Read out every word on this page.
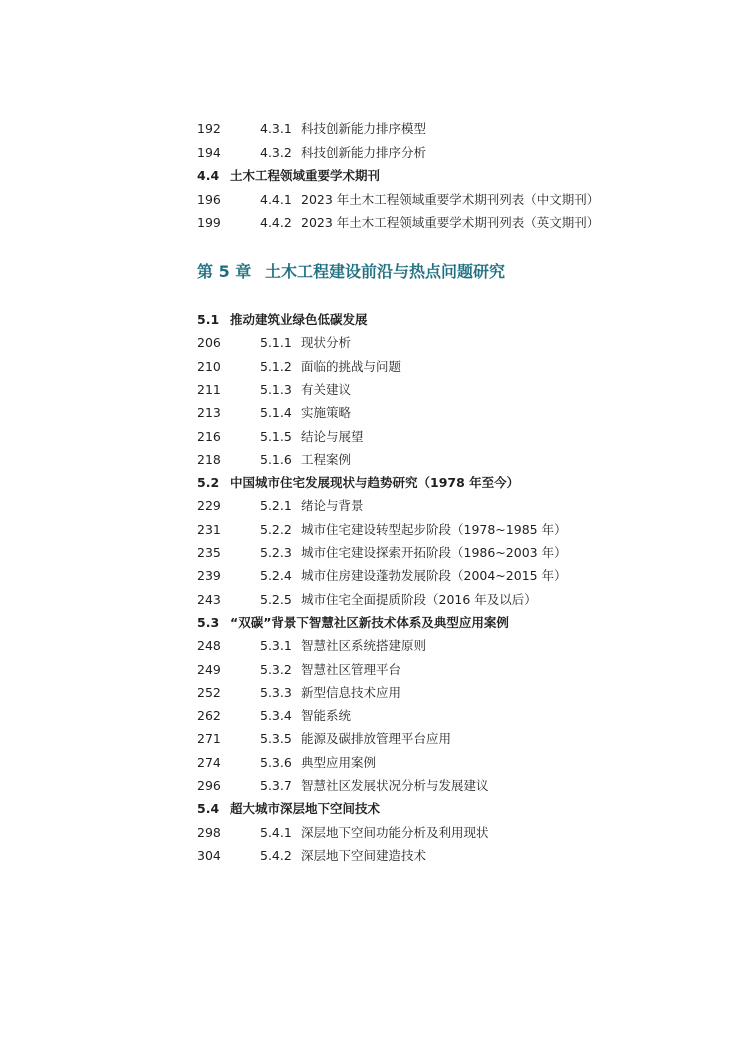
192	4.3.1 科技创新能力排序模型
194	4.3.2 科技创新能力排序分析
4.4 土木工程领域重要学术期刊
196	4.4.1 2023 年土木工程领域重要学术期刊列表（中文期刊）
199	4.4.2 2023 年土木工程领域重要学术期刊列表（英文期刊）
第 5 章 土木工程建设前沿与热点问题研究
5.1 推动建筑业绿色低碳发展
206	5.1.1 现状分析
210	5.1.2 面临的挑战与问题
211	5.1.3 有关建议
213	5.1.4 实施策略
216	5.1.5 结论与展望
218	5.1.6 工程案例
5.2 中国城市住宅发展现状与趋势研究（1978 年至今）
229	5.2.1 绪论与背景
231	5.2.2 城市住宅建设转型起步阶段（1978~1985 年）
235	5.2.3 城市住宅建设探索开拓阶段（1986~2003 年）
239	5.2.4 城市住房建设蓬勃发展阶段（2004~2015 年）
243	5.2.5 城市住宅全面提质阶段（2016 年及以后）
5.3 “双碳”背景下智慧社区新技术体系及典型应用案例
248	5.3.1 智慧社区系统搭建原则
249	5.3.2 智慧社区管理平台
252	5.3.3 新型信息技术应用
262	5.3.4 智能系统
271	5.3.5 能源及碳排放管理平台应用
274	5.3.6 典型应用案例
296	5.3.7 智慧社区发展状况分析与发展建议
5.4 超大城市深层地下空间技术
298	5.4.1 深层地下空间功能分析及利用现状
304	5.4.2 深层地下空间建造技术
